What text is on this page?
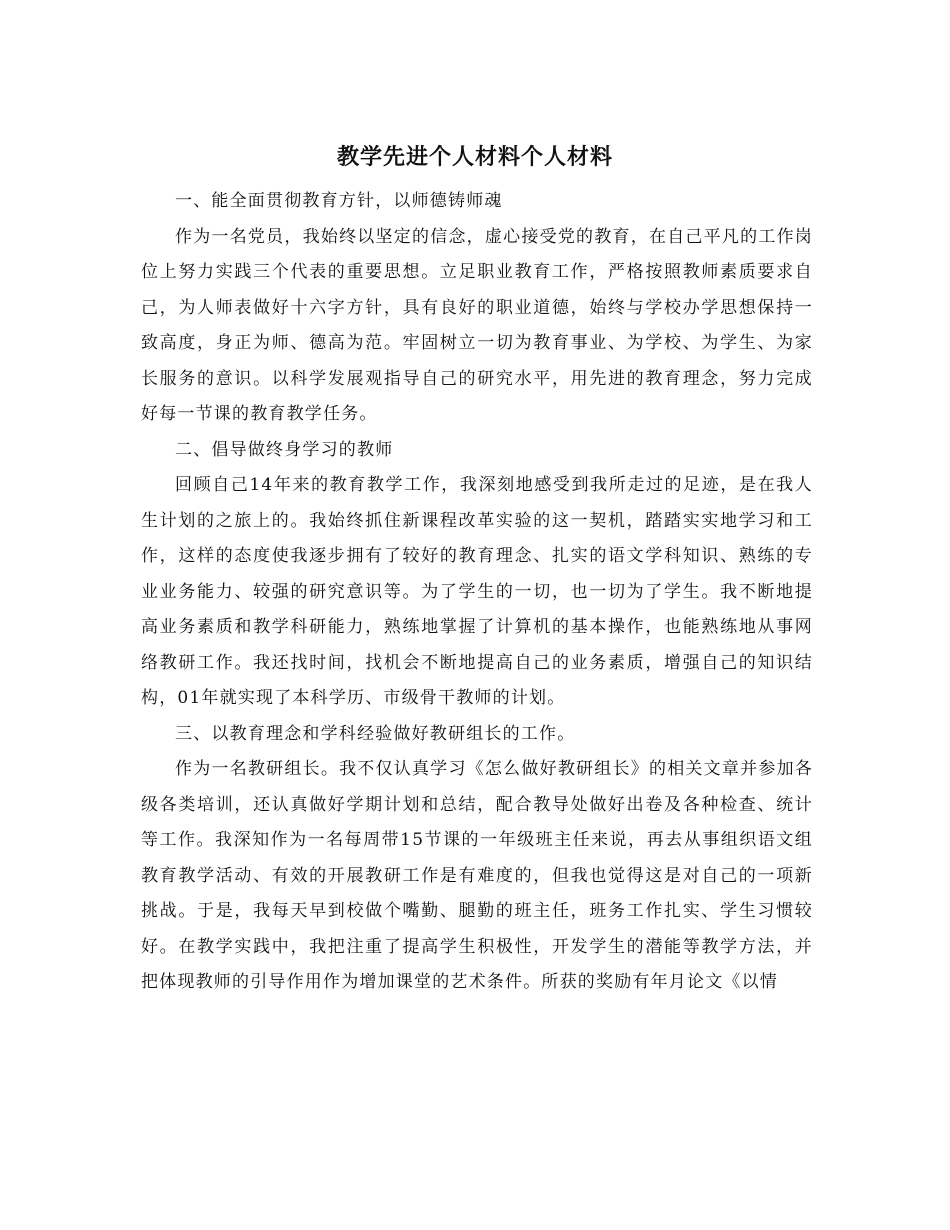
教学先进个人材料个人材料

一、能全面贯彻教育方针，以师德铸师魂

作为一名党员，我始终以坚定的信念，虚心接受党的教育，在自己平凡的工作岗位上努力实践三个代表的重要思想。立足职业教育工作，严格按照教师素质要求自己，为人师表做好十六字方针，具有良好的职业道德，始终与学校办学思想保持一致高度，身正为师、德高为范。牢固树立一切为教育事业、为学校、为学生、为家长服务的意识。以科学发展观指导自己的研究水平，用先进的教育理念，努力完成好每一节课的教育教学任务。

二、倡导做终身学习的教师

回顾自己14年来的教育教学工作，我深刻地感受到我所走过的足迹，是在我人生计划的之旅上的。我始终抓住新课程改革实验的这一契机，踏踏实实地学习和工作，这样的态度使我逐步拥有了较好的教育理念、扎实的语文学科知识、熟练的专业业务能力、较强的研究意识等。为了学生的一切，也一切为了学生。我不断地提高业务素质和教学科研能力，熟练地掌握了计算机的基本操作，也能熟练地从事网络教研工作。我还找时间，找机会不断地提高自己的业务素质，增强自己的知识结构，01年就实现了本科学历、市级骨干教师的计划。

三、以教育理念和学科经验做好教研组长的工作。

作为一名教研组长。我不仅认真学习《怎么做好教研组长》的相关文章并参加各级各类培训，还认真做好学期计划和总结，配合教导处做好出卷及各种检查、统计等工作。我深知作为一名每周带15节课的一年级班主任来说，再去从事组织语文组教育教学活动、有效的开展教研工作是有难度的，但我也觉得这是对自己的一项新挑战。于是，我每天早到校做个嘴勤、腿勤的班主任，班务工作扎实、学生习惯较好。在教学实践中，我把注重了提高学生积极性，开发学生的潜能等教学方法，并把体现教师的引导作用作为增加课堂的艺术条件。所获的奖励有年月论文《以情
